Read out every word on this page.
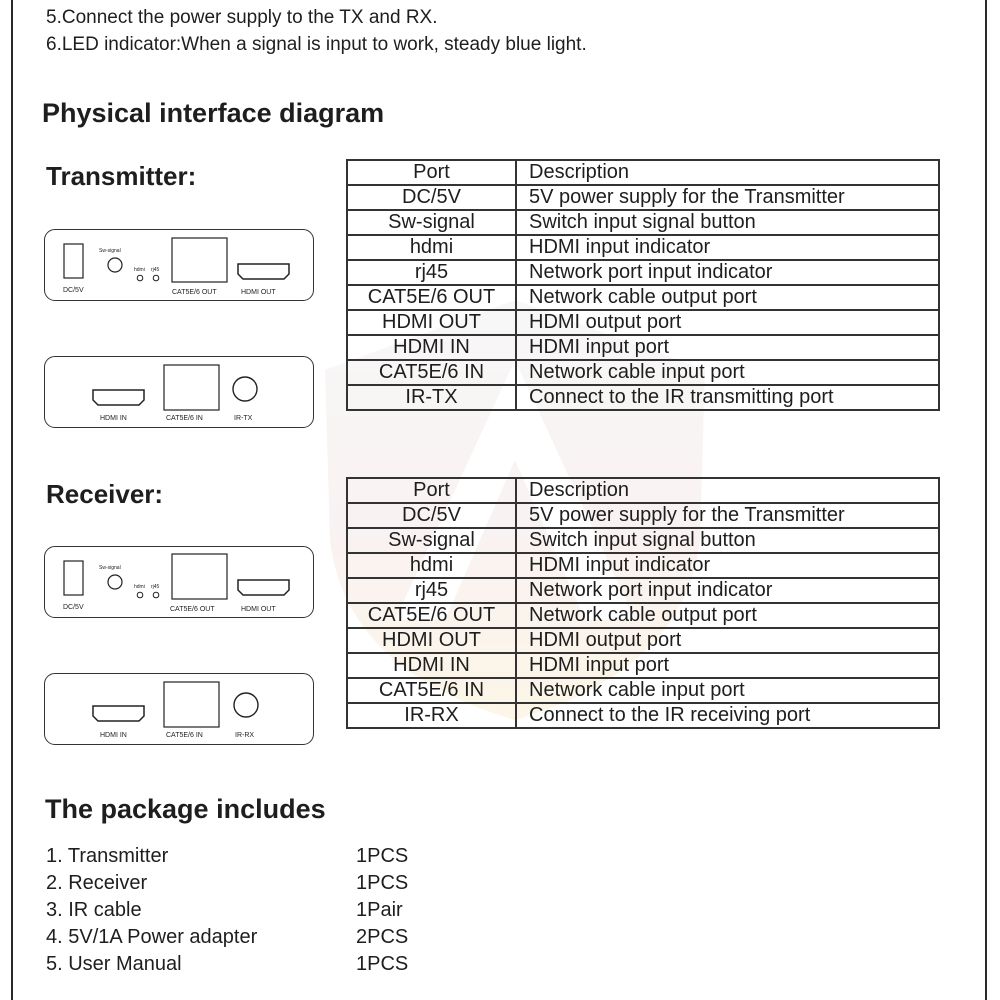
5.Connect the power supply to the TX and RX.
6.LED indicator:When a signal is input to work, steady blue light.
Physical interface diagram
Transmitter:
Receiver:
Port	Description
DC/5V	5V power supply for the Transmitter
Sw-signal	Switch input signal button
hdmi	HDMI input indicator
rj45	Network port input indicator
CAT5E/6 OUT	Network cable output port
HDMI OUT	HDMI output port
HDMI IN	HDMI input port
CAT5E/6 IN	Network cable input port
IR-TX	Connect to the IR transmitting port
Port	Description
DC/5V	5V power supply for the Transmitter
Sw-signal	Switch input signal button
hdmi	HDMI input indicator
rj45	Network port input indicator
CAT5E/6 OUT	Network cable output port
HDMI OUT	HDMI output port
HDMI IN	HDMI input port
CAT5E/6 IN	Network cable input port
IR-RX	Connect to the IR receiving port
DC/5V
Sw-signal
hdmi rj45
CAT5E/6 OUT	HDMI OUT
HDMI IN	CAT5E/6 IN	IR-TX
DC/5V
Sw-signal
hdmi rj45
CAT5E/6 OUT	HDMI OUT
HDMI IN	CAT5E/6 IN	IR-RX
The package includes
1. Transmitter	1PCS
2. Receiver	1PCS
3. IR cable	1Pair
4. 5V/1A Power adapter	2PCS
5. User Manual	1PCS
